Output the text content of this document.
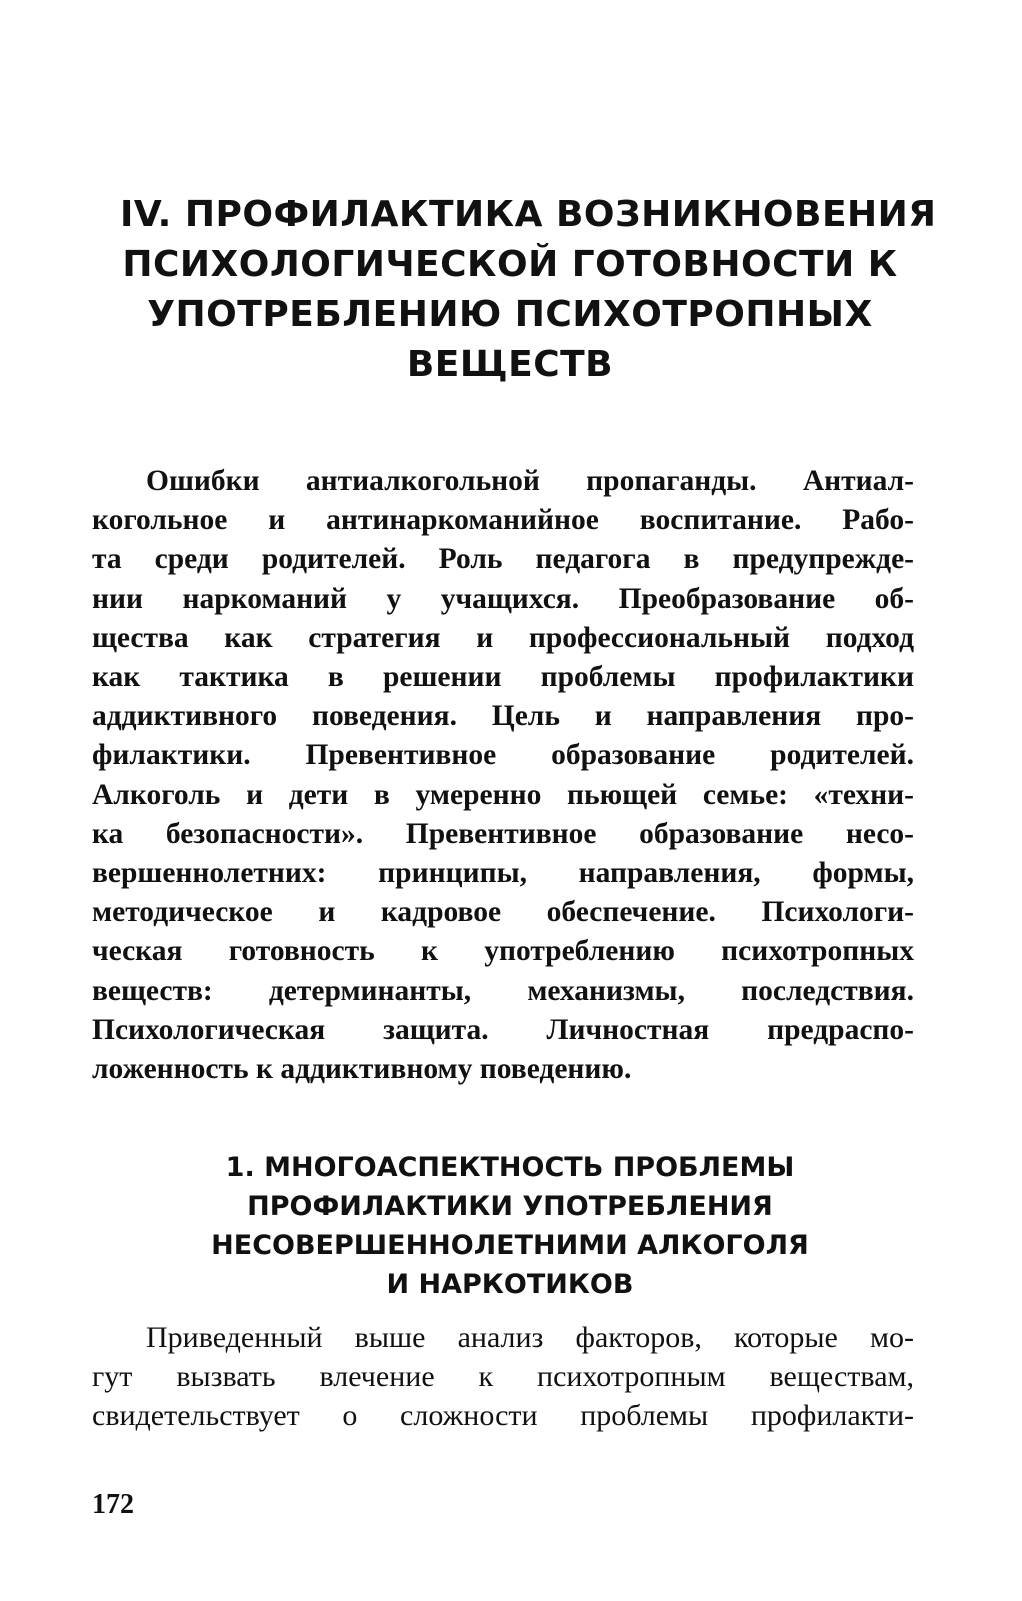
IV. ПРОФИЛАКТИКА ВОЗНИКНОВЕНИЯ
ПСИХОЛОГИЧЕСКОЙ ГОТОВНОСТИ К
УПОТРЕБЛЕНИЮ ПСИХОТРОПНЫХ
ВЕЩЕСТВ
Ошибки антиалкогольной пропаганды. Антиал-
когольное и антинаркоманийное воспитание. Рабо-
та среди родителей. Роль педагога в предупрежде-
нии наркоманий у учащихся. Преобразование об-
щества как стратегия и профессиональный подход
как тактика в решении проблемы профилактики
аддиктивного поведения. Цель и направления про-
филактики. Превентивное образование родителей.
Алкоголь и дети в умеренно пьющей семье: «техни-
ка безопасности». Превентивное образование несо-
вершеннолетних: принципы, направления, формы,
методическое и кадровое обеспечение. Психологи-
ческая готовность к употреблению психотропных
веществ: детерминанты, механизмы, последствия.
Психологическая защита. Личностная предраспо-
ложенность к аддиктивному поведению.
1. МНОГОАСПЕКТНОСТЬ ПРОБЛЕМЫ
ПРОФИЛАКТИКИ УПОТРЕБЛЕНИЯ
НЕСОВЕРШЕННОЛЕТНИМИ АЛКОГОЛЯ
И НАРКОТИКОВ
Приведенный выше анализ факторов, которые мо-
гут вызвать влечение к психотропным веществам,
свидетельствует о сложности проблемы профилакти-
172
